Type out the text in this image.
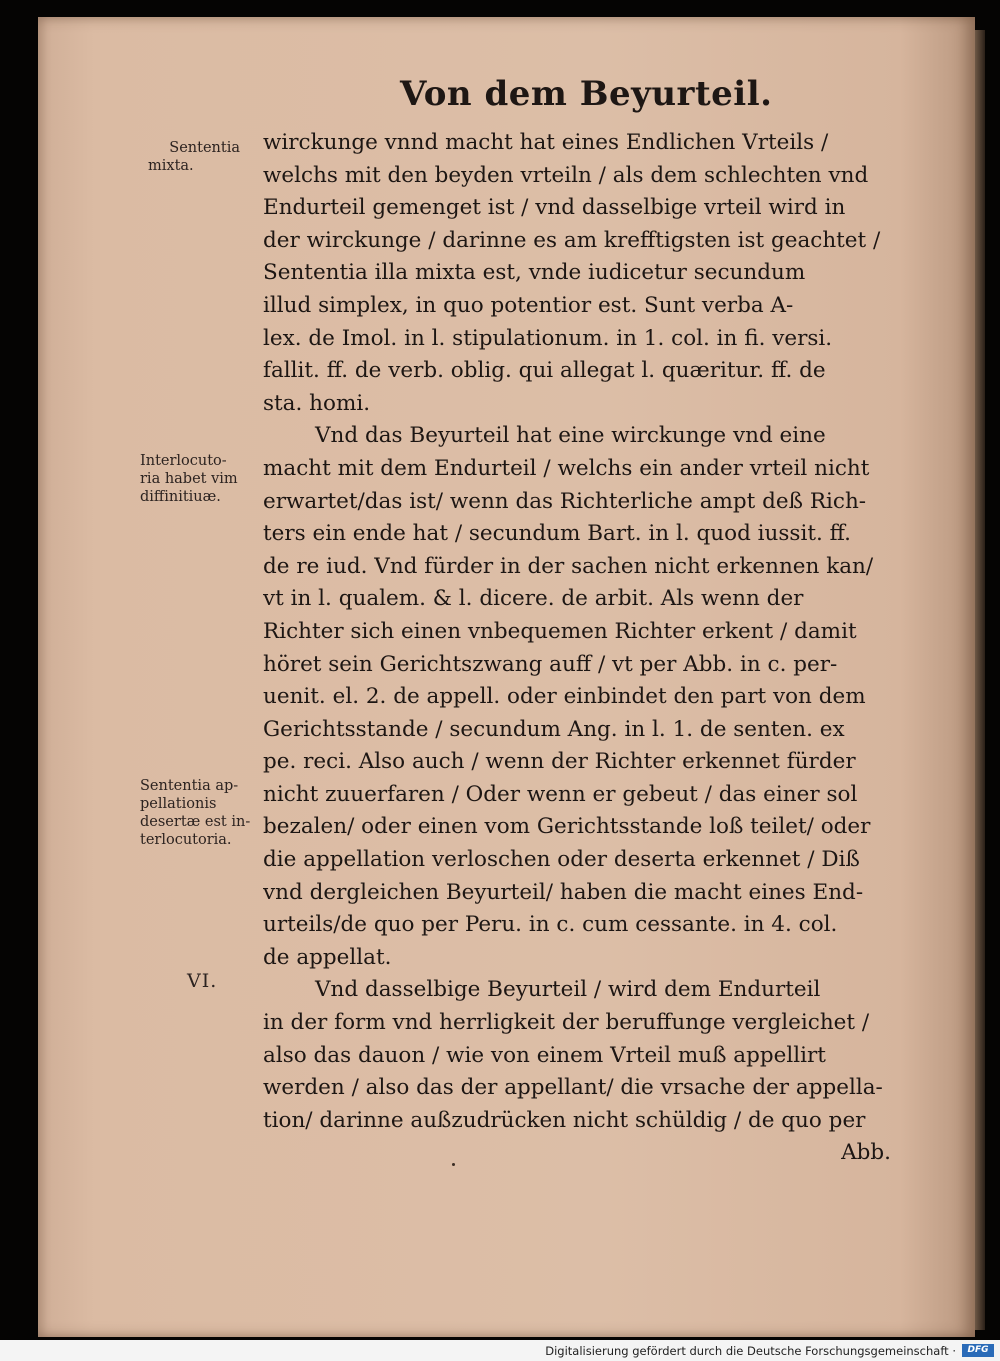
Von dem Beyurteil.
Sententia
mixta.
Interlocuto-
ria habet vim
diffinitiuæ.
Sententia ap-
pellationis
desertæ est in-
terlocutoria.
VI.
wirckunge vnnd macht hat eines Endlichen Vrteils /
welchs mit den beyden vrteiln / als dem schlechten vnd
Endurteil gemenget ist / vnd dasselbige vrteil wird in
der wirckunge / darinne es am krefftigsten ist geachtet /
Sententia illa mixta est, vnde iudicetur secundum
illud simplex, in quo potentior est. Sunt verba A-
lex. de Imol. in l. stipulationum. in 1. col. in fi. versi.
fallit. ff. de verb. oblig. qui allegat l. quæritur. ff. de
sta. homi.
Vnd das Beyurteil hat eine wirckunge vnd eine
macht mit dem Endurteil / welchs ein ander vrteil nicht
erwartet/das ist/ wenn das Richterliche ampt deß Rich-
ters ein ende hat / secundum Bart. in l. quod iussit. ff.
de re iud. Vnd fürder in der sachen nicht erkennen kan/
vt in l. qualem. & l. dicere. de arbit. Als wenn der
Richter sich einen vnbequemen Richter erkent / damit
höret sein Gerichtszwang auff / vt per Abb. in c. per-
uenit. el. 2. de appell. oder einbindet den part von dem
Gerichtsstande / secundum Ang. in l. 1. de senten. ex
pe. reci. Also auch / wenn der Richter erkennet fürder
nicht zuuerfaren / Oder wenn er gebeut / das einer sol
bezalen/ oder einen vom Gerichtsstande loß teilet/ oder
die appellation verloschen oder deserta erkennet / Diß
vnd dergleichen Beyurteil/ haben die macht eines End-
urteils/de quo per Peru. in c. cum cessante. in 4. col.
de appellat.
Vnd dasselbige Beyurteil / wird dem Endurteil
in der form vnd herrligkeit der beruffunge vergleichet /
also das dauon / wie von einem Vrteil muß appellirt
werden / also das der appellant/ die vrsache der appella-
tion/ darinne außzudrücken nicht schüldig / de quo per
Abb.
Digitalisierung gefördert durch die Deutsche Forschungsgemeinschaft ·	DFG
